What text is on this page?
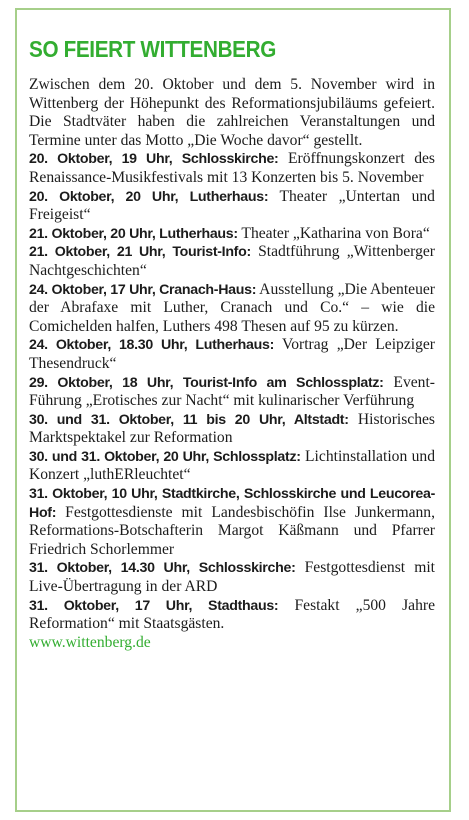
SO FEIERT WITTENBERG

Zwischen dem 20. Oktober und dem 5. November wird in Wittenberg der Höhepunkt des Reformationsjubiläums gefeiert. Die Stadtväter haben die zahlreichen Veranstaltungen und Termine unter das Motto „Die Woche davor“ gestellt.

20. Oktober, 19 Uhr, Schlosskirche: Eröffnungskonzert des Renaissance-Musikfestivals mit 13 Konzerten bis 5. November

20. Oktober, 20 Uhr, Lutherhaus: Theater „Untertan und Freigeist“

21. Oktober, 20 Uhr, Lutherhaus: Theater „Katharina von Bora“

21. Oktober, 21 Uhr, Tourist-Info: Stadtführung „Wittenberger Nachtgeschichten“

24. Oktober, 17 Uhr, Cranach-Haus: Ausstellung „Die Abenteuer der Abrafaxe mit Luther, Cranach und Co.“ – wie die Comichelden halfen, Luthers 498 Thesen auf 95 zu kürzen.

24. Oktober, 18.30 Uhr, Lutherhaus: Vortrag „Der Leipziger Thesendruck“

29. Oktober, 18 Uhr, Tourist-Info am Schlossplatz: Event-Führung „Erotisches zur Nacht“ mit kulinarischer Verführung

30. und 31. Oktober, 11 bis 20 Uhr, Altstadt: Historisches Marktspektakel zur Reformation

30. und 31. Oktober, 20 Uhr, Schlossplatz: Lichtinstallation und Konzert „luthERleuchtet“

31. Oktober, 10 Uhr, Stadtkirche, Schlosskirche und Leucorea-Hof: Festgottesdienste mit Landesbischöfin Ilse Junkermann, Reformations-Botschafterin Margot Käßmann und Pfarrer Friedrich Schorlemmer

31. Oktober, 14.30 Uhr, Schlosskirche: Festgottesdienst mit Live-Übertragung in der ARD

31. Oktober, 17 Uhr, Stadthaus: Festakt „500 Jahre Reformation“ mit Staatsgästen.

www.wittenberg.de
